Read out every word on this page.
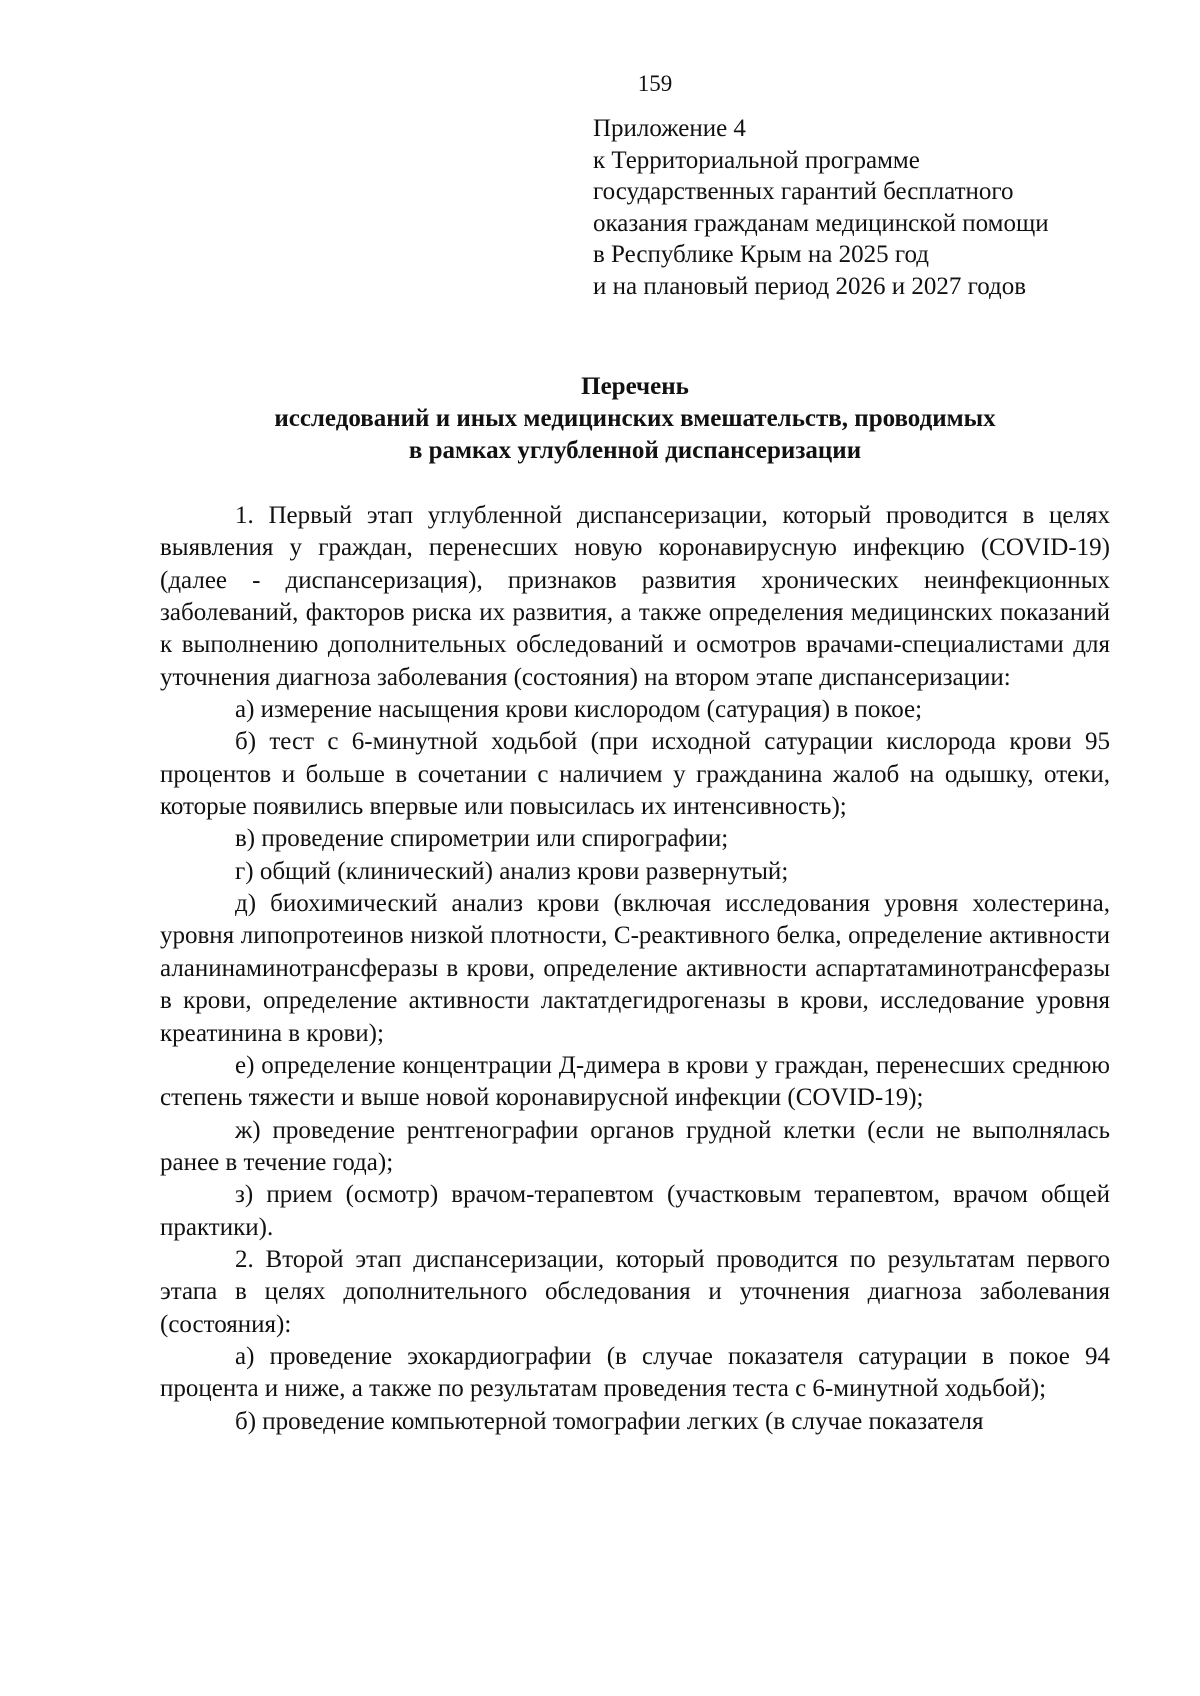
159
Приложение 4
к Территориальной программе
государственных гарантий бесплатного
оказания гражданам медицинской помощи
в Республике Крым на 2025 год
и на плановый период 2026 и 2027 годов
Перечень
исследований и иных медицинских вмешательств, проводимых
в рамках углубленной диспансеризации

1. Первый этап углубленной диспансеризации, который проводится в целях выявления у граждан, перенесших новую коронавирусную инфекцию (COVID-19) (далее - диспансеризация), признаков развития хронических неинфекционных заболеваний, факторов риска их развития, а также определения медицинских показаний к выполнению дополнительных обследований и осмотров врачами-специалистами для уточнения диагноза заболевания (состояния) на втором этапе диспансеризации:

а) измерение насыщения крови кислородом (сатурация) в покое;

б) тест с 6-минутной ходьбой (при исходной сатурации кислорода крови 95 процентов и больше в сочетании с наличием у гражданина жалоб на одышку, отеки, которые появились впервые или повысилась их интенсивность);

в) проведение спирометрии или спирографии;

г) общий (клинический) анализ крови развернутый;

д) биохимический анализ крови (включая исследования уровня холестерина, уровня липопротеинов низкой плотности, С-реактивного белка, определение активности аланинаминотрансферазы в крови, определение активности аспартатаминотрансферазы в крови, определение активности лактатдегидрогеназы в крови, исследование уровня креатинина в крови);

е) определение концентрации Д-димера в крови у граждан, перенесших среднюю степень тяжести и выше новой коронавирусной инфекции (COVID-19);

ж) проведение рентгенографии органов грудной клетки (если не выполнялась ранее в течение года);

з) прием (осмотр) врачом-терапевтом (участковым терапевтом, врачом общей практики).

2. Второй этап диспансеризации, который проводится по результатам первого этапа в целях дополнительного обследования и уточнения диагноза заболевания (состояния):

а) проведение эхокардиографии (в случае показателя сатурации в покое 94 процента и ниже, а также по результатам проведения теста с 6-минутной ходьбой);

б) проведение компьютерной томографии легких (в случае показателя
